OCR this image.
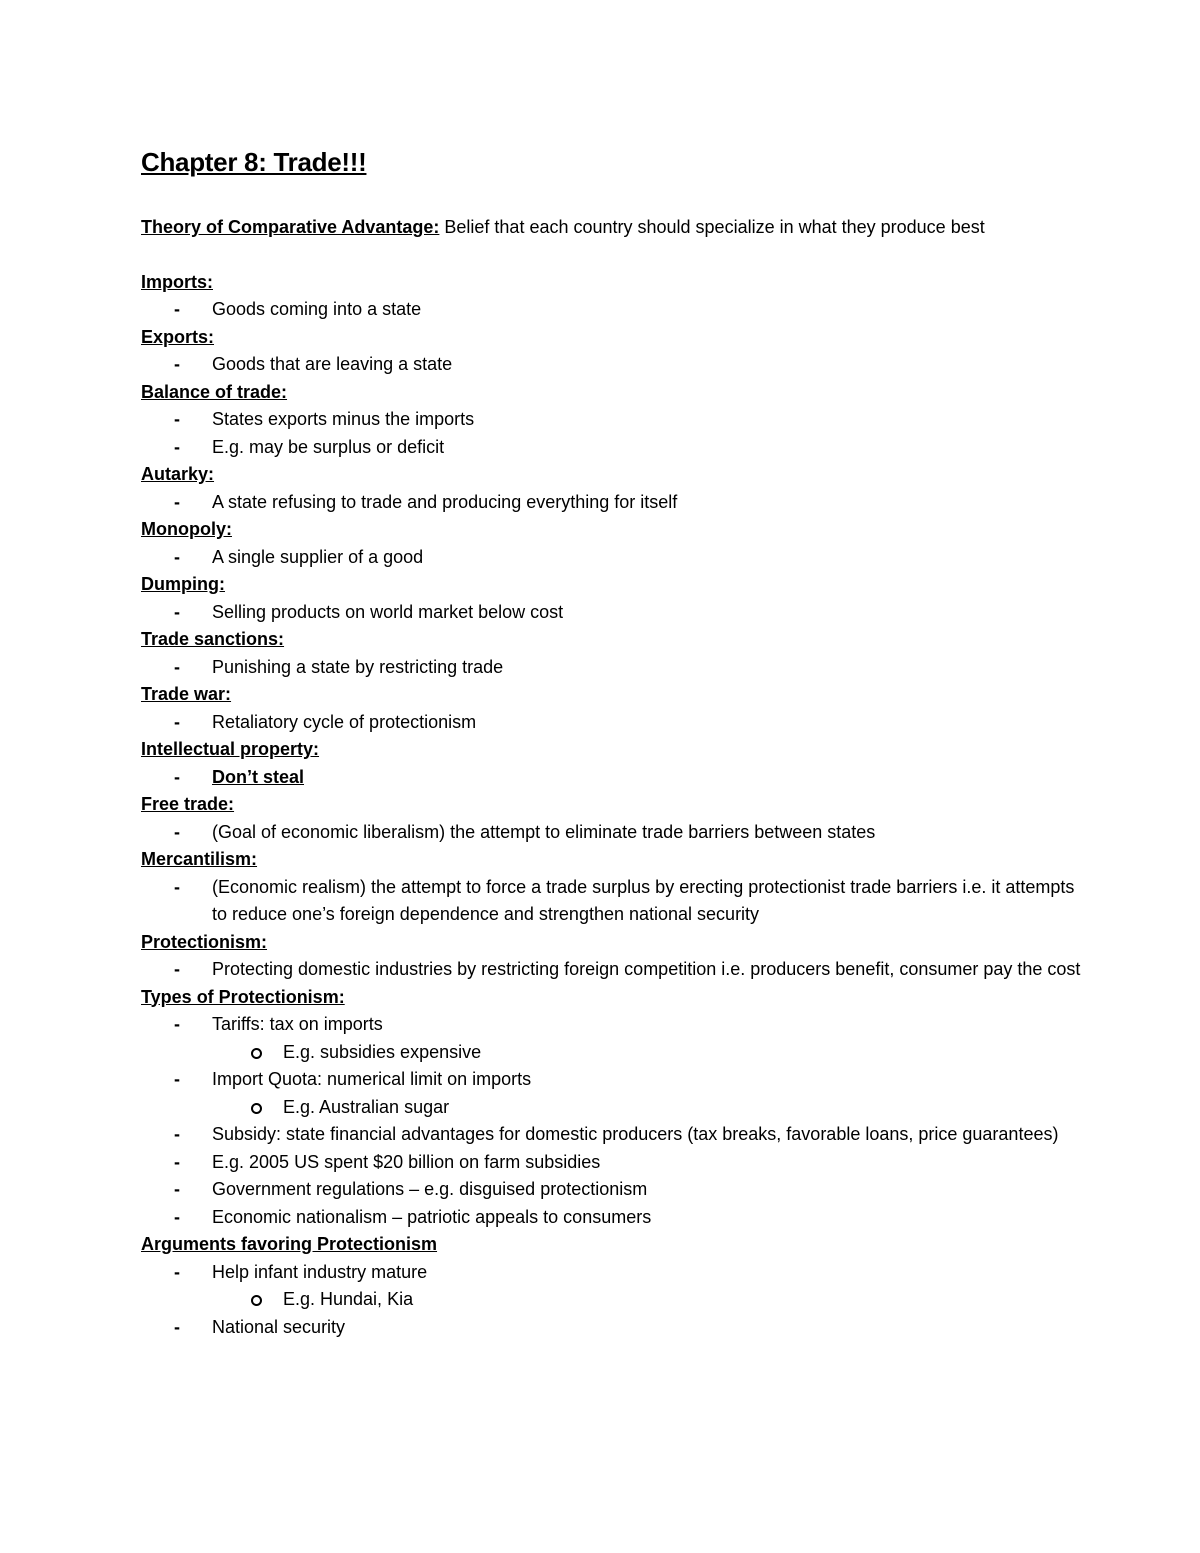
Chapter 8: Trade!!!
Theory of Comparative Advantage: Belief that each country should specialize in what they produce best
Imports:
- Goods coming into a state
Exports:
- Goods that are leaving a state
Balance of trade:
- States exports minus the imports
- E.g. may be surplus or deficit
Autarky:
- A state refusing to trade and producing everything for itself
Monopoly:
- A single supplier of a good
Dumping:
- Selling products on world market below cost
Trade sanctions:
- Punishing a state by restricting trade
Trade war:
- Retaliatory cycle of protectionism
Intellectual property:
- Don’t steal
Free trade:
- (Goal of economic liberalism) the attempt to eliminate trade barriers between states
Mercantilism:
- (Economic realism) the attempt to force a trade surplus by erecting protectionist trade barriers i.e. it attempts to reduce one’s foreign dependence and strengthen national security
Protectionism:
- Protecting domestic industries by restricting foreign competition i.e. producers benefit, consumer pay the cost
Types of Protectionism:
- Tariffs: tax on imports
E.g. subsidies expensive
- Import Quota: numerical limit on imports
E.g. Australian sugar
- Subsidy: state financial advantages for domestic producers (tax breaks, favorable loans, price guarantees)
- E.g. 2005 US spent $20 billion on farm subsidies
- Government regulations – e.g. disguised protectionism
- Economic nationalism – patriotic appeals to consumers
Arguments favoring Protectionism
- Help infant industry mature
E.g. Hundai, Kia
- National security
